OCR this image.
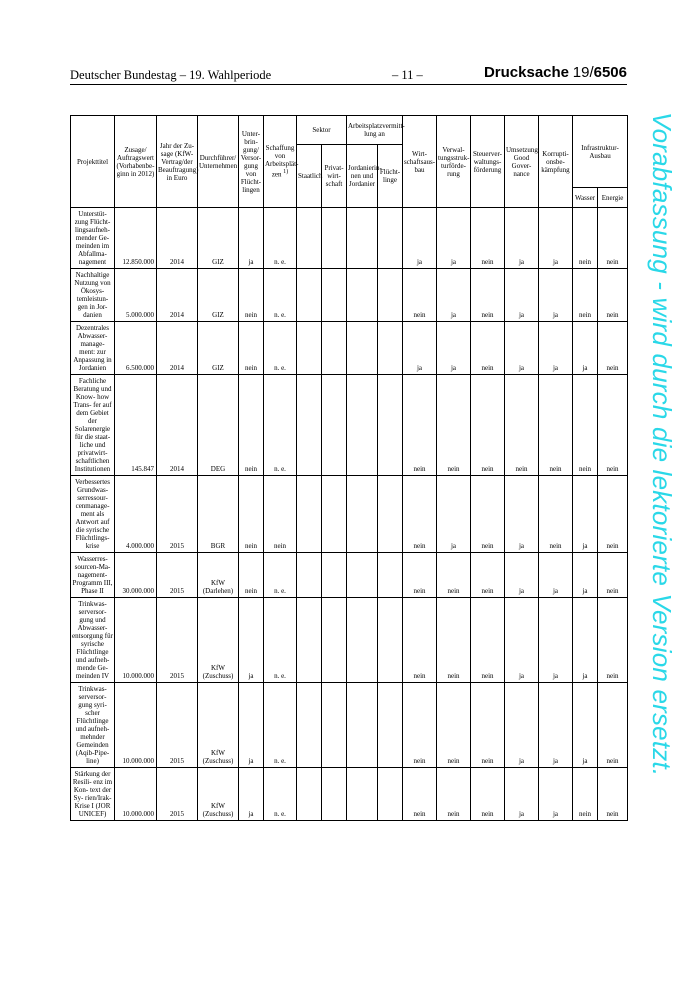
Deutscher Bundestag – 19. Wahlperiode	– 11 –	Drucksache 19/6506
Vorabfassung - wird durch die lektorierte Version ersetzt.
Projekttitel	Zusage/ Auftragswert (Vorhabenbe- ginn in 2012)	Jahr der Zu- sage (KfW- Vertrag/der Beauftragung) in Euro	Durchführer/ Unternehmen	Unter- brin- gung/ Versor- gung von Flücht- lingen	Schaffung von Arbeitsplät- zen $^{1)}$	Sektor		Arbeitsplatzvermitt- lung an		Wirt- schaftsaus- bau	Verwal- tungsstruk- turförde- rung	Steuerver- waltungs- förderung	Umsetzung Good Gover- nance	Korrupti- onsbe- kämpfung	Infrastruktur- Ausbau	
						Staatlich	Privat- wirt- schaft	Jordanierin- nen und Jordanier	Flücht- linge							
															Wasser	Energie
Unterstüt- zung Flücht- lingsaufneh- mender Ge- meinden im Abfallma- nagement	12.850.000	2014	GIZ	ja	n. e.					ja	ja	nein	ja	ja	nein	nein
Nachhaltige Nutzung von Ökosys- temleistun- gen in Jor- danien	5.000.000	2014	GIZ	nein	n. e.					nein	ja	nein	ja	ja	nein	nein
Dezentrales Abwasser- manage- ment: zur Anpassung in Jordanien	6.500.000	2014	GIZ	nein	n. e.					ja	ja	nein	ja	ja	ja	nein
Fachliche Beratung und Know- how Trans- fer auf dem Gebiet der Solarenergie für die staat- liche und privatwirt- schaftlichen Institutionen	145.847	2014	DEG	nein	n. e.					nein	nein	nein	nein	nein	nein	nein
Verbessertes Grundwas- serressour- cenmanage- ment als Antwort auf die syrische Flüchtlings- krise	4.000.000	2015	BGR	nein	nein					nein	ja	nein	ja	nein	ja	nein
Wasserres- sourcen-Ma- nagement- Programm III, Phase II	30.000.000	2015	KfW (Darlehen)	nein	n. e.					nein	nein	nein	ja	ja	ja	nein
Trinkwas- serversor- gung und Abwasser- entsorgung für syrische Flüchtlinge und aufneh- mende Ge- meinden IV	10.000.000	2015	KfW (Zuschuss)	ja	n. e.					nein	nein	nein	ja	ja	ja	nein
Trinkwas- serversor- gung syri- scher Flüchtlinge und aufneh- mehnder Gemeinden (Aqib-Pipe- line)	10.000.000	2015	KfW (Zuschuss)	ja	n. e.					nein	nein	nein	ja	ja	ja	nein
Stärkung der Resili- enz im Kon- text der Sy- rien/Irak- Krise I (JOR UNICEF)	10.000.000	2015	KfW (Zuschuss)	ja	n. e.					nein	nein	nein	ja	ja	nein	nein
